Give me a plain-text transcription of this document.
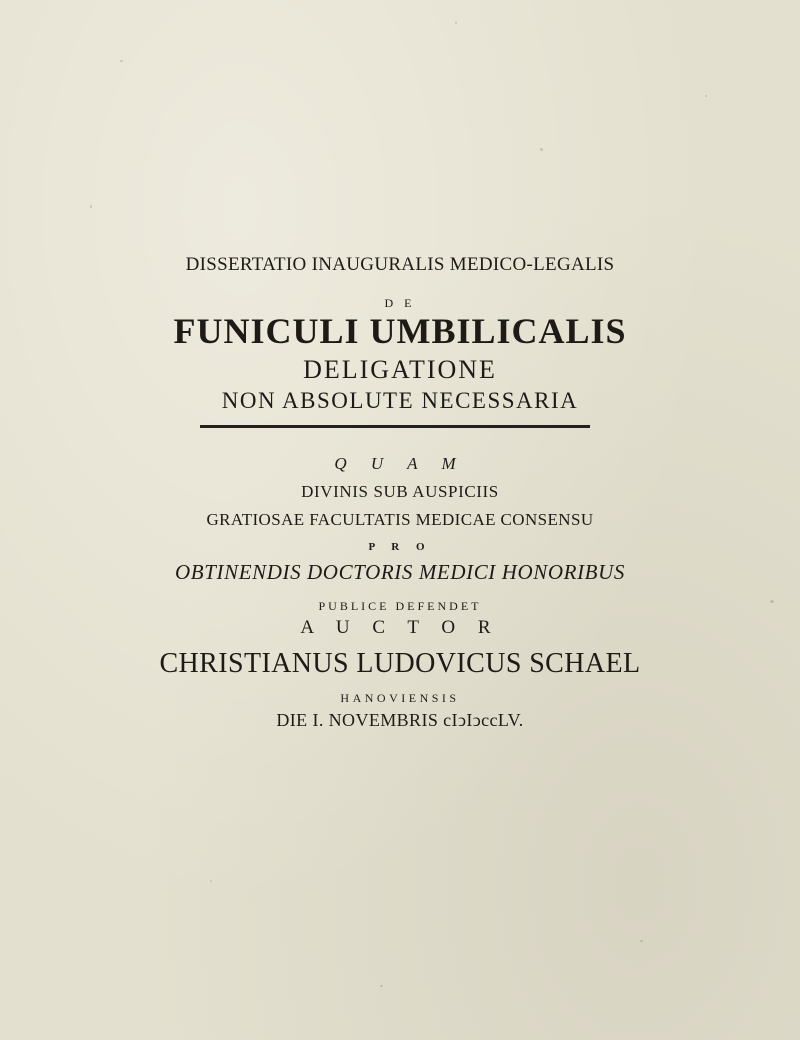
DISSERTATIO INAUGURALIS MEDICO-LEGALIS
D E
FUNICULI UMBILICALIS
DELIGATIONE
NON ABSOLUTE NECESSARIA
Q U A M
DIVINIS SUB AUSPICIIS
GRATIOSAE FACULTATIS MEDICAE CONSENSU
P R O
OBTINENDIS DOCTORIS MEDICI HONORIBUS
PUBLICE DEFENDET
A U C T O R
CHRISTIANUS LUDOVICUS SCHAEL
HANOVIENSIS
DIE I. NOVEMBRIS cIↄIↄccLV.
